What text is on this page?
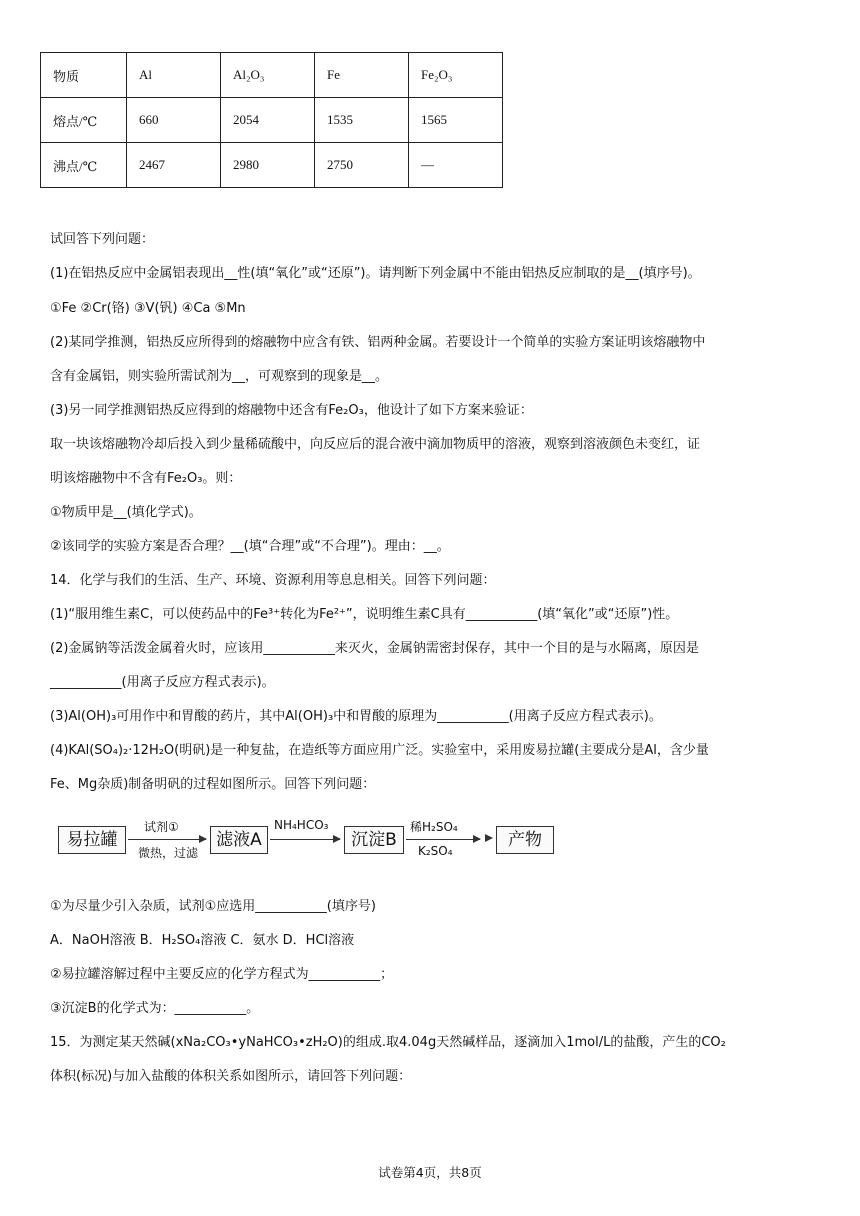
物质	Al	Al₂O₃	Fe	Fe₂O₃
熔点/℃	660	2054	1535	1565
沸点/℃	2467	2980	2750	—
试回答下列问题：
(1)在铝热反应中金属铝表现出__性(填“氧化”或“还原”)。请判断下列金属中不能由铝热反应制取的是__(填序号)。
①Fe ②Cr(铬) ③V(钒) ④Ca ⑤Mn
(2)某同学推测，铝热反应所得到的熔融物中应含有铁、铝两种金属。若要设计一个简单的实验方案证明该熔融物中
含有金属铝，则实验所需试剂为__，可观察到的现象是__。
(3)另一同学推测铝热反应得到的熔融物中还含有Fe₂O₃，他设计了如下方案来验证：
取一块该熔融物冷却后投入到少量稀硫酸中，向反应后的混合液中滴加物质甲的溶液，观察到溶液颜色未变红，证
明该熔融物中不含有Fe₂O₃。则：
①物质甲是__(填化学式)。
②该同学的实验方案是否合理？__(填“合理”或“不合理”)。理由：__。
14．化学与我们的生活、生产、环境、资源利用等息息相关。回答下列问题：
(1)“服用维生素C，可以使药品中的Fe³⁺转化为Fe²⁺”，说明维生素C具有___________(填“氧化”或“还原”)性。
(2)金属钠等活泼金属着火时，应该用___________来灭火，金属钠需密封保存，其中一个目的是与水隔离，原因是
___________(用离子反应方程式表示)。
(3)Al(OH)₃可用作中和胃酸的药片，其中Al(OH)₃中和胃酸的原理为___________(用离子反应方程式表示)。
(4)KAl(SO₄)₂·12H₂O(明矾)是一种复盐，在造纸等方面应用广泛。实验室中，采用废易拉罐(主要成分是Al，含少量
Fe、Mg杂质)制备明矾的过程如图所示。回答下列问题：
易拉罐
试剂①
微热，过滤
滤液A
NH₄HCO₃
沉淀B
稀H₂SO₄
K₂SO₄
产物
①为尽量少引入杂质，试剂①应选用___________(填序号)
A．NaOH溶液 B．H₂SO₄溶液 C．氨水 D．HCl溶液
②易拉罐溶解过程中主要反应的化学方程式为___________；
③沉淀B的化学式为：___________。
15．为测定某天然碱(xNa₂CO₃•yNaHCO₃•zH₂O)的组成.取4.04g天然碱样品，逐滴加入1mol/L的盐酸，产生的CO₂
体积(标况)与加入盐酸的体积关系如图所示，请回答下列问题：
试卷第4页，共8页
